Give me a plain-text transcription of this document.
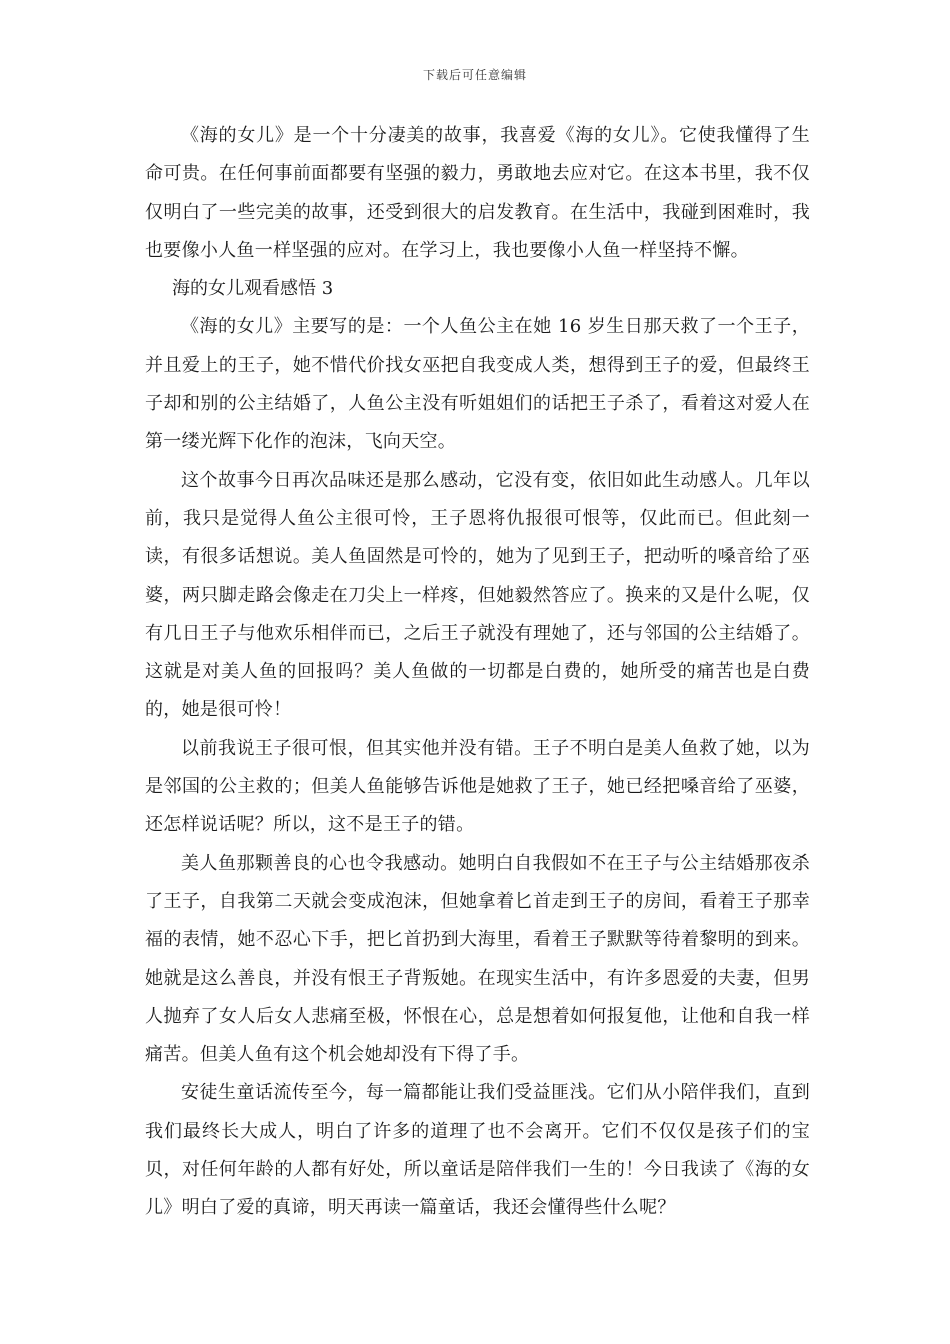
下载后可任意编辑

《海的女儿》是一个十分凄美的故事，我喜爱《海的女儿》。它使我懂得了生命可贵。在任何事前面都要有坚强的毅力，勇敢地去应对它。在这本书里，我不仅仅明白了一些完美的故事，还受到很大的启发教育。在生活中，我碰到困难时，我也要像小人鱼一样坚强的应对。在学习上，我也要像小人鱼一样坚持不懈。

海的女儿观看感悟 3

《海的女儿》主要写的是：一个人鱼公主在她 16 岁生日那天救了一个王子，并且爱上的王子，她不惜代价找女巫把自我变成人类，想得到王子的爱，但最终王子却和别的公主结婚了，人鱼公主没有听姐姐们的话把王子杀了，看着这对爱人在第一缕光辉下化作的泡沫，飞向天空。

这个故事今日再次品味还是那么感动，它没有变，依旧如此生动感人。几年以前，我只是觉得人鱼公主很可怜，王子恩将仇报很可恨等，仅此而已。但此刻一读，有很多话想说。美人鱼固然是可怜的，她为了见到王子，把动听的嗓音给了巫婆，两只脚走路会像走在刀尖上一样疼，但她毅然答应了。换来的又是什么呢，仅有几日王子与他欢乐相伴而已，之后王子就没有理她了，还与邻国的公主结婚了。这就是对美人鱼的回报吗？美人鱼做的一切都是白费的，她所受的痛苦也是白费的，她是很可怜！

以前我说王子很可恨，但其实他并没有错。王子不明白是美人鱼救了她，以为是邻国的公主救的；但美人鱼能够告诉他是她救了王子，她已经把嗓音给了巫婆，还怎样说话呢？所以，这不是王子的错。

美人鱼那颗善良的心也令我感动。她明白自我假如不在王子与公主结婚那夜杀了王子，自我第二天就会变成泡沫，但她拿着匕首走到王子的房间，看着王子那幸福的表情，她不忍心下手，把匕首扔到大海里，看着王子默默等待着黎明的到来。她就是这么善良，并没有恨王子背叛她。在现实生活中，有许多恩爱的夫妻，但男人抛弃了女人后女人悲痛至极，怀恨在心，总是想着如何报复他，让他和自我一样痛苦。但美人鱼有这个机会她却没有下得了手。

安徒生童话流传至今，每一篇都能让我们受益匪浅。它们从小陪伴我们，直到我们最终长大成人，明白了许多的道理了也不会离开。它们不仅仅是孩子们的宝贝，对任何年龄的人都有好处，所以童话是陪伴我们一生的！今日我读了《海的女儿》明白了爱的真谛，明天再读一篇童话，我还会懂得些什么呢？
